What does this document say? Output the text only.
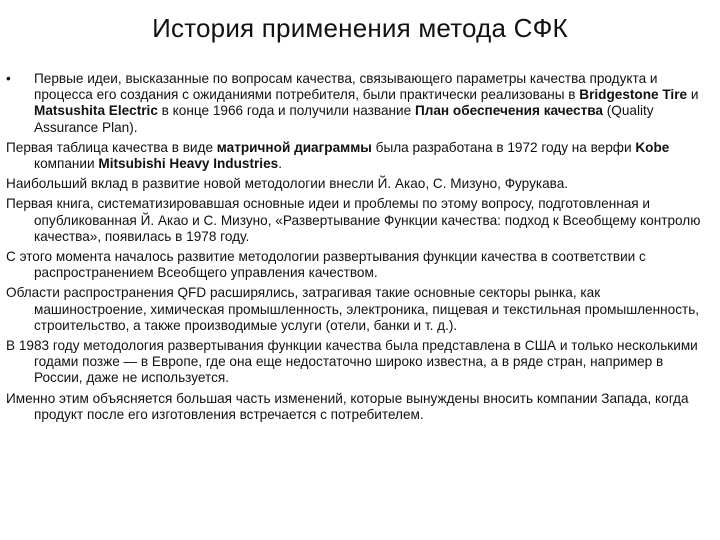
История применения метода СФК

• Первые идеи, высказанные по вопросам качества, связывающего параметры качества продукта и процесса его создания с ожиданиями потребителя, были практически реализованы в Bridgestone Tire и Matsushita Electric в конце 1966 года и получили название План обеспечения качества (Quality Assurance Plan).

Первая таблица качества в виде матричной диаграммы была разработана в 1972 году на верфи Kobe компании Mitsubishi Heavy Industries.

Наибольший вклад в развитие новой методологии внесли Й. Акао, С. Мизуно, Фурукава.

Первая книга, систематизировавшая основные идеи и проблемы по этому вопросу, подготовленная и опубликованная Й. Акао и С. Мизуно, «Развертывание Функции качества: подход к Всеобщему контролю качества», появилась в 1978 году.

С этого момента началось развитие методологии развертывания функции качества в соответствии с распространением Всеобщего управления качеством.

Области распространения QFD расширялись, затрагивая такие основные секторы рынка, как машиностроение, химическая промышленность, электроника, пищевая и текстильная промышленность, строительство, а также производимые услуги (отели, банки и т. д.).

В 1983 году методология развертывания функции качества была представлена в США и только несколькими годами позже — в Европе, где она еще недостаточно широко известна, а в ряде стран, например в России, даже не используется.

Именно этим объясняется большая часть изменений, которые вынуждены вносить компании Запада, когда продукт после его изготовления встречается с потребителем.
